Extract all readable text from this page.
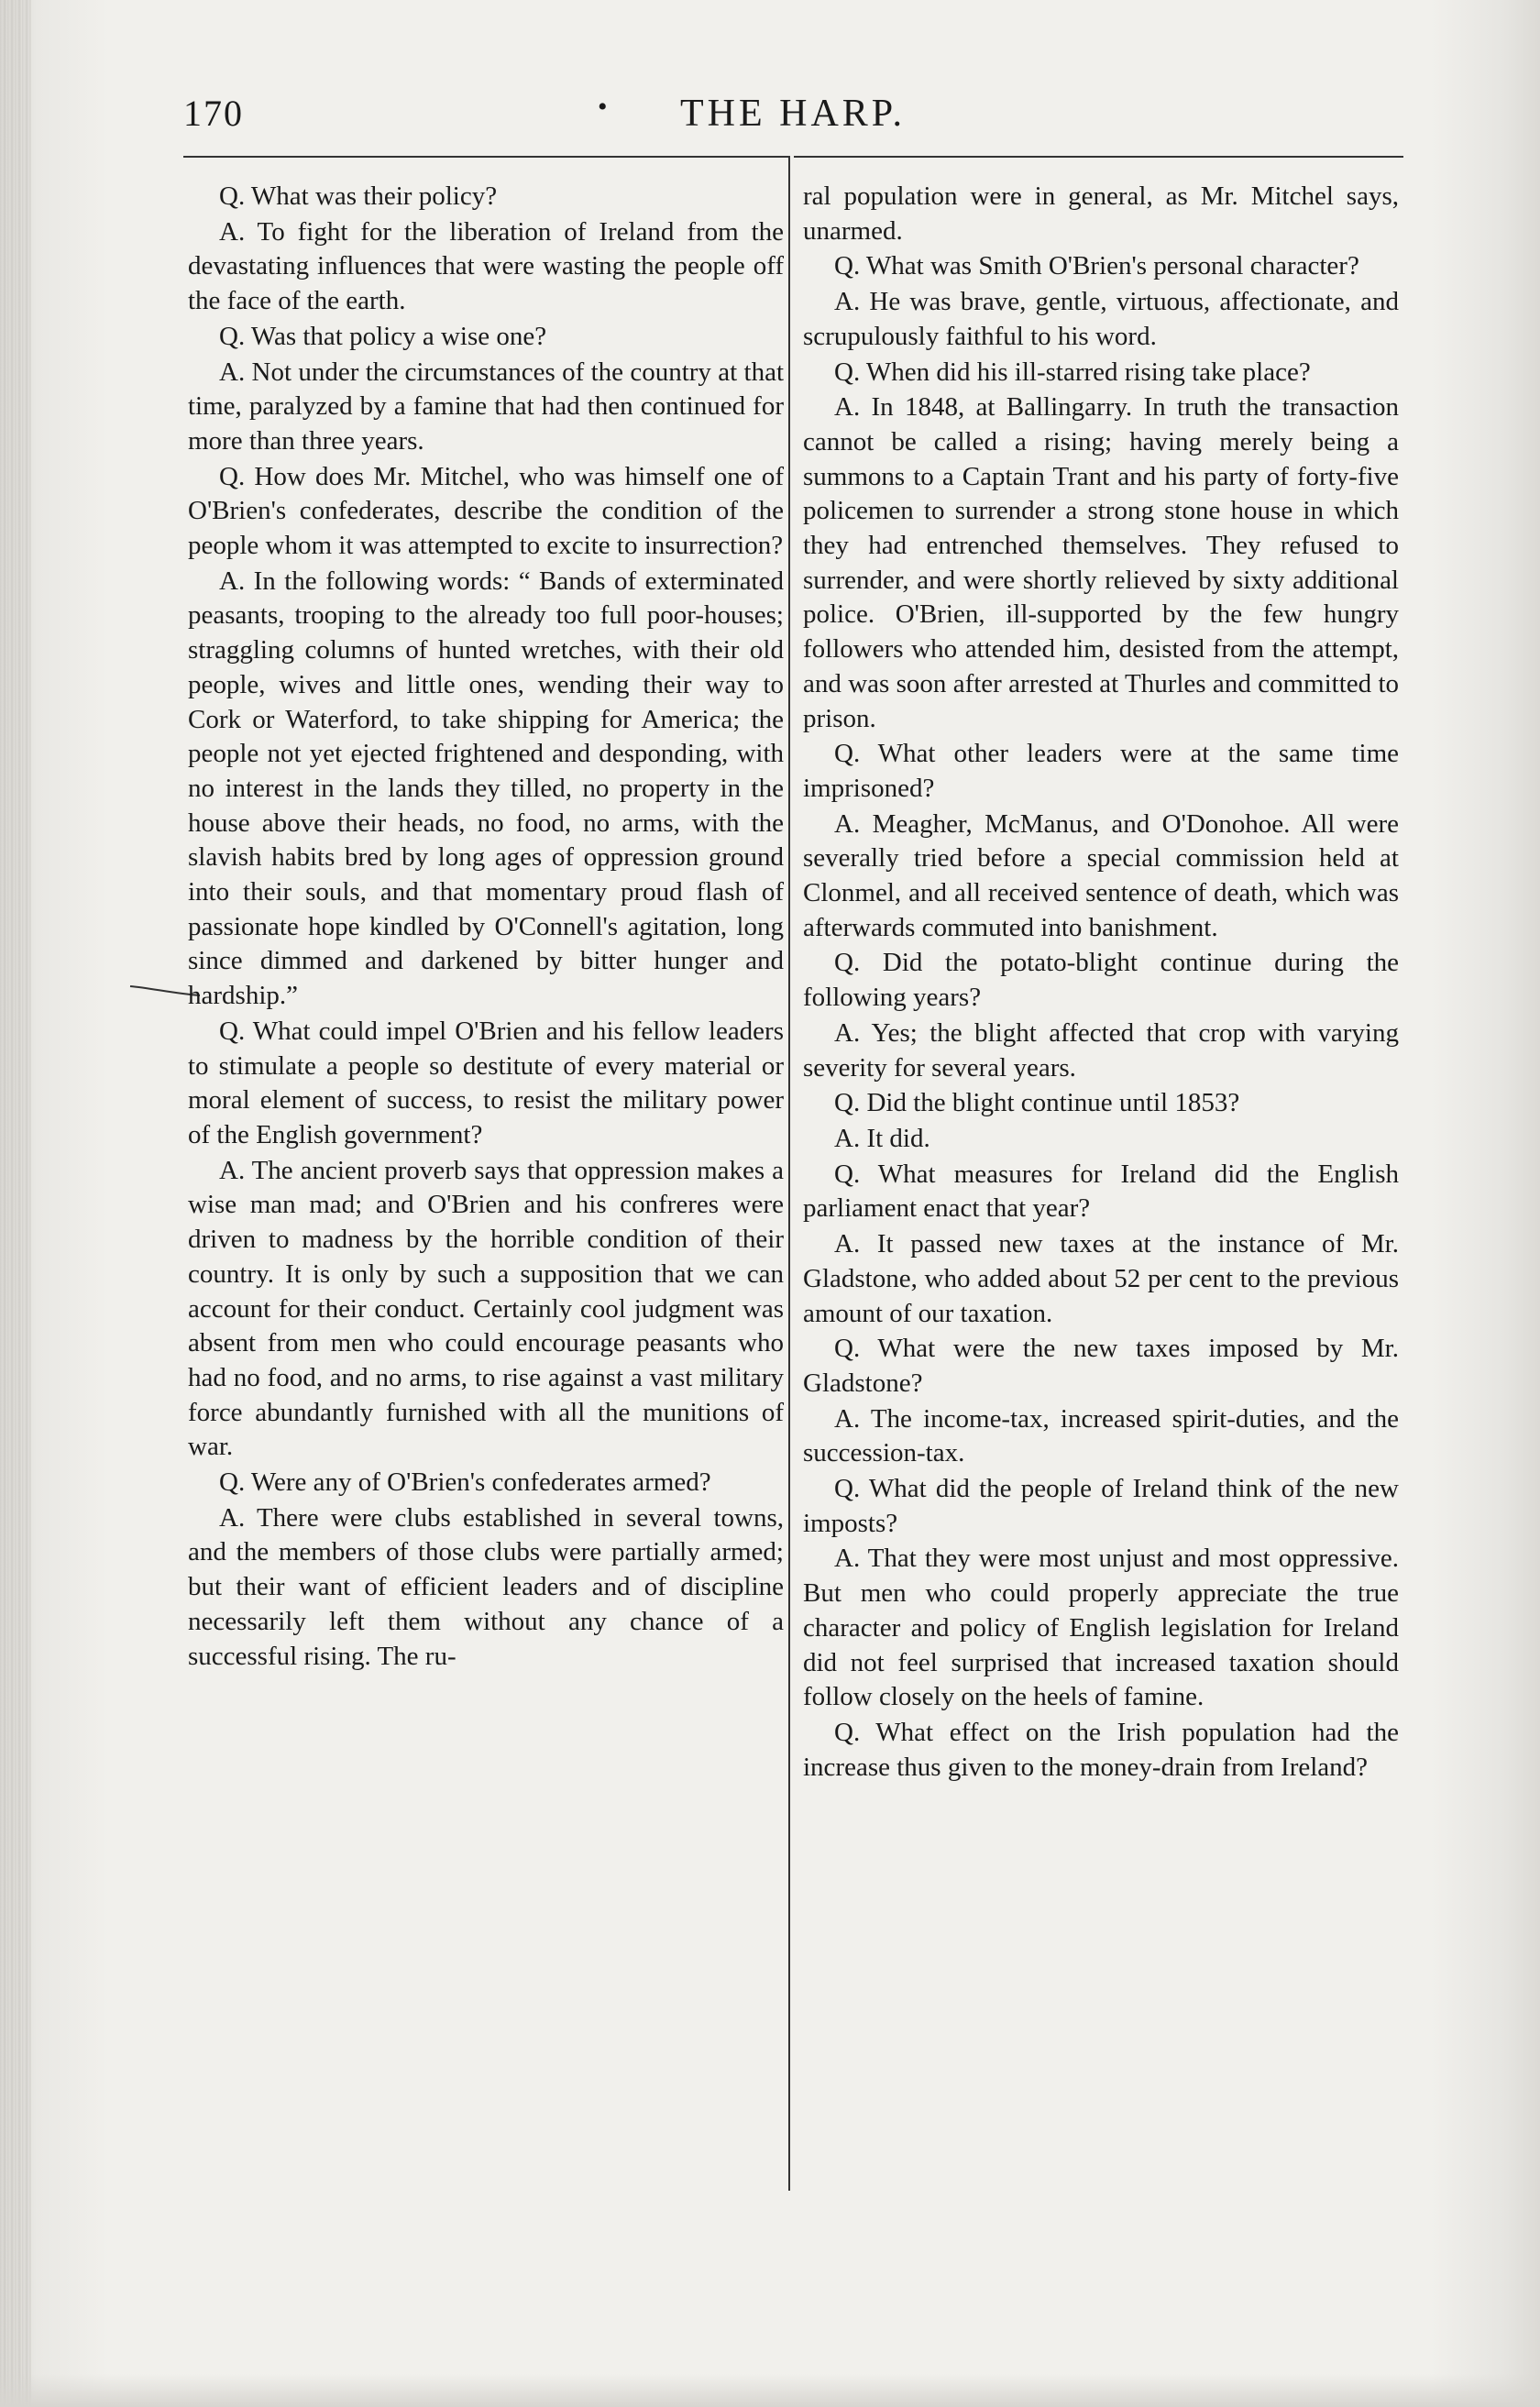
170	•	THE HARP.

Q. What was their policy?

A. To fight for the liberation of Ireland from the devastating influences that were wasting the people off the face of the earth.

Q. Was that policy a wise one?

A. Not under the circumstances of the country at that time, paralyzed by a famine that had then continued for more than three years.

Q. How does Mr. Mitchel, who was himself one of O'Brien's confederates, describe the condition of the people whom it was attempted to excite to insurrection?

A. In the following words: “ Bands of exterminated peasants, trooping to the already too full poor-houses; straggling columns of hunted wretches, with their old people, wives and little ones, wending their way to Cork or Waterford, to take shipping for America; the people not yet ejected frightened and desponding, with no interest in the lands they tilled, no property in the house above their heads, no food, no arms, with the slavish habits bred by long ages of oppression ground into their souls, and that momentary proud flash of passionate hope kindled by O'Connell's agitation, long since dimmed and darkened by bitter hunger and hardship.”

Q. What could impel O'Brien and his fellow leaders to stimulate a people so destitute of every material or moral element of success, to resist the military power of the English government?

A. The ancient proverb says that oppression makes a wise man mad; and O'Brien and his confreres were driven to madness by the horrible condition of their country. It is only by such a supposition that we can account for their conduct. Certainly cool judgment was absent from men who could encourage peasants who had no food, and no arms, to rise against a vast military force abundantly furnished with all the munitions of war.

Q. Were any of O'Brien's confederates armed?

A. There were clubs established in several towns, and the members of those clubs were partially armed; but their want of efficient leaders and of discipline necessarily left them without any chance of a successful rising. The ru-

ral population were in general, as Mr. Mitchel says, unarmed.

Q. What was Smith O'Brien's personal character?

A. He was brave, gentle, virtuous, affectionate, and scrupulously faithful to his word.

Q. When did his ill-starred rising take place?

A. In 1848, at Ballingarry. In truth the transaction cannot be called a rising; having merely being a summons to a Captain Trant and his party of forty-five policemen to surrender a strong stone house in which they had entrenched themselves. They refused to surrender, and were shortly relieved by sixty additional police. O'Brien, ill-supported by the few hungry followers who attended him, desisted from the attempt, and was soon after arrested at Thurles and committed to prison.

Q. What other leaders were at the same time imprisoned?

A. Meagher, McManus, and O'Donohoe. All were severally tried before a special commission held at Clonmel, and all received sentence of death, which was afterwards commuted into banishment.

Q. Did the potato-blight continue during the following years?

A. Yes; the blight affected that crop with varying severity for several years.

Q. Did the blight continue until 1853?

A. It did.

Q. What measures for Ireland did the English parliament enact that year?

A. It passed new taxes at the instance of Mr. Gladstone, who added about 52 per cent to the previous amount of our taxation.

Q. What were the new taxes imposed by Mr. Gladstone?

A. The income-tax, increased spirit-duties, and the succession-tax.

Q. What did the people of Ireland think of the new imposts?

A. That they were most unjust and most oppressive. But men who could properly appreciate the true character and policy of English legislation for Ireland did not feel surprised that increased taxation should follow closely on the heels of famine.

Q. What effect on the Irish population had the increase thus given to the money-drain from Ireland?
